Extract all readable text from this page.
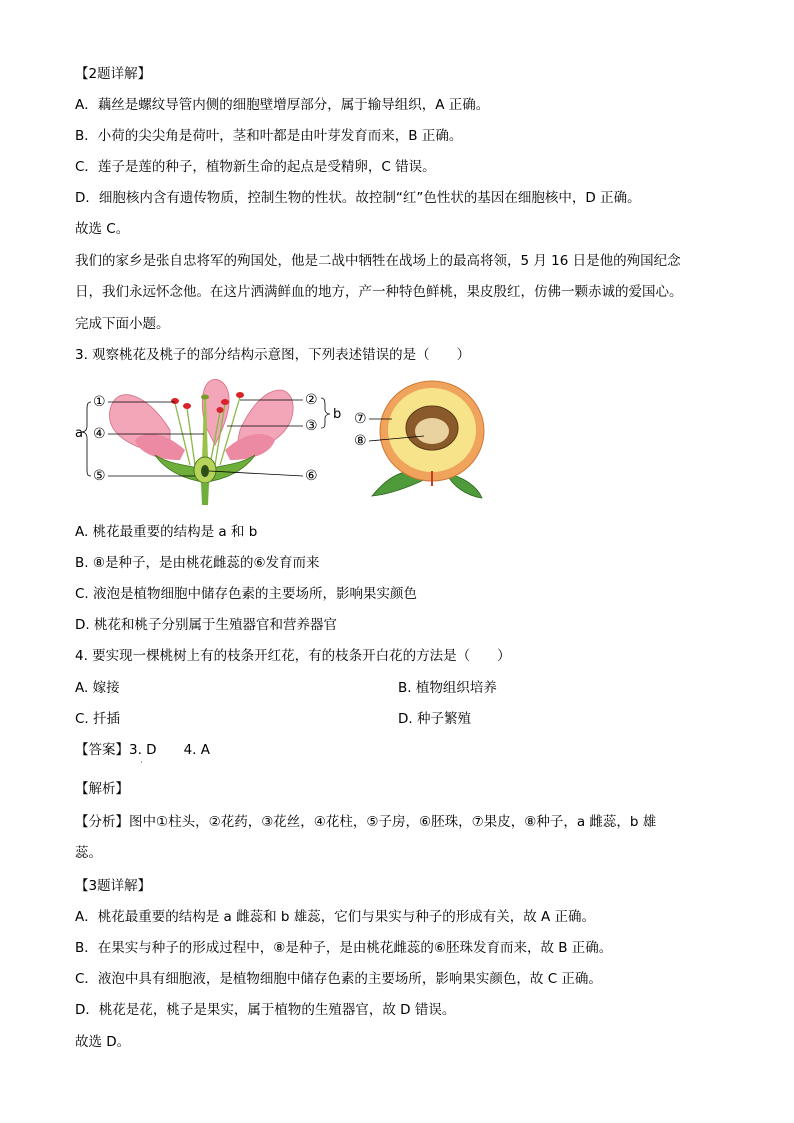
【2题详解】
A．藕丝是螺纹导管内侧的细胞壁增厚部分，属于输导组织，A 正确。
B．小荷的尖尖角是荷叶，茎和叶都是由叶芽发育而来，B 正确。
C．莲子是莲的种子，植物新生命的起点是受精卵，C 错误。
D．细胞核内含有遗传物质，控制生物的性状。故控制“红”色性状的基因在细胞核中，D 正确。
故选 C。
我们的家乡是张自忠将军的殉国处，他是二战中牺牲在战场上的最高将领，5 月 16 日是他的殉国纪念
日，我们永远怀念他。在这片洒满鲜血的地方，产一种特色鲜桃，果皮殷红，仿佛一颗赤诚的爱国心。
完成下面小题。
3. 观察桃花及桃子的部分结构示意图，下列表述错误的是（　　）
①
④
⑤
a
②
③
b
⑥
⑦
⑧
A. 桃花最重要的结构是 a 和 b
B. ⑧是种子，是由桃花雌蕊的⑥发育而来
C. 液泡是植物细胞中储存色素的主要场所，影响果实颜色
D. 桃花和桃子分别属于生殖器官和营养器官
4. 要实现一棵桃树上有的枝条开红花，有的枝条开白花的方法是（　　）
A. 嫁接	B. 植物组织培养
C. 扦插	D. 种子繁殖
【答案】3. D　　4. A
·
【解析】
【分析】图中①柱头，②花药，③花丝，④花柱，⑤子房，⑥胚珠，⑦果皮，⑧种子，a 雌蕊，b 雄
蕊。
【3题详解】
A．桃花最重要的结构是 a 雌蕊和 b 雄蕊，它们与果实与种子的形成有关，故 A 正确。
B．在果实与种子的形成过程中，⑧是种子，是由桃花雌蕊的⑥胚珠发育而来，故 B 正确。
C．液泡中具有细胞液，是植物细胞中储存色素的主要场所，影响果实颜色，故 C 正确。
D．桃花是花，桃子是果实，属于植物的生殖器官，故 D 错误。
故选 D。
